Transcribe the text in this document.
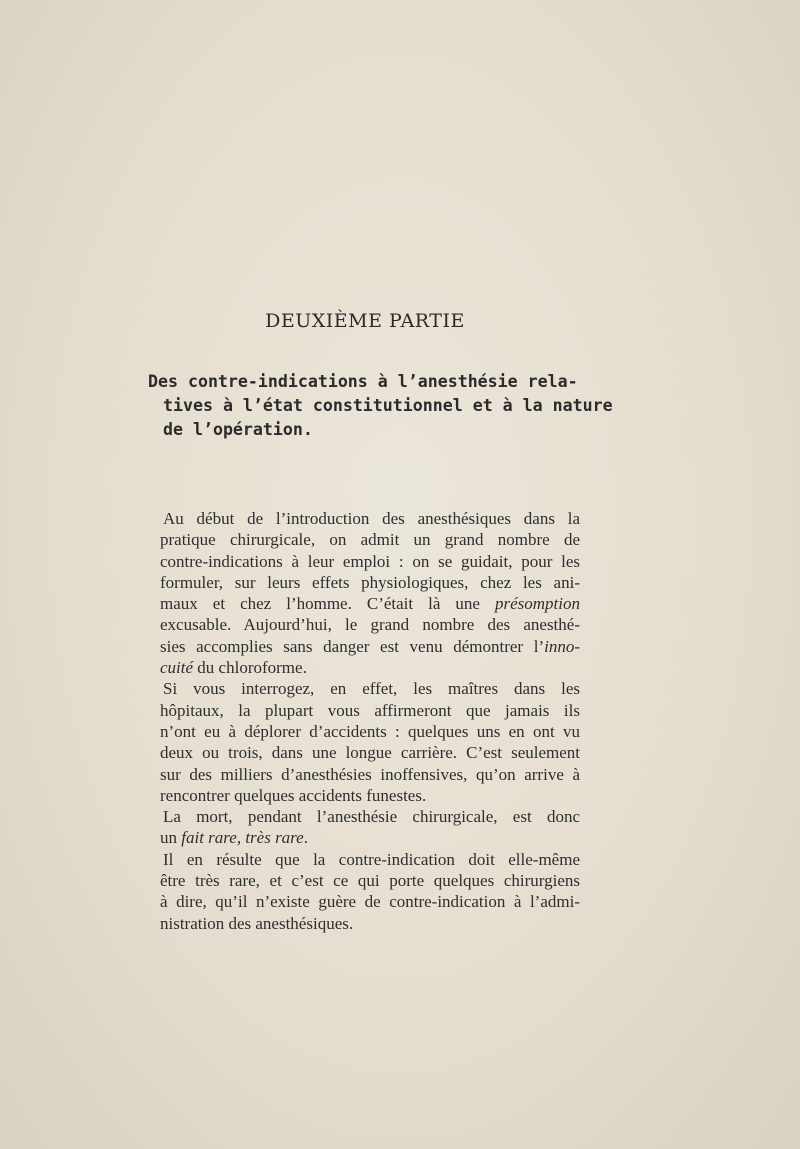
DEUXIÈME PARTIE
Des contre-indications à l’anesthésie rela-
tives à l’état constitutionnel et à la nature
de l’opération.
Au début de l’introduction des anesthésiques dans la
pratique chirurgicale, on admit un grand nombre de
contre-indications à leur emploi : on se guidait, pour les
formuler, sur leurs effets physiologiques, chez les ani-
maux et chez l’homme. C’était là une présomption
excusable. Aujourd’hui, le grand nombre des anesthé-
sies accomplies sans danger est venu démontrer l’inno-
cuité du chloroforme.
Si vous interrogez, en effet, les maîtres dans les
hôpitaux, la plupart vous affirmeront que jamais ils
n’ont eu à déplorer d’accidents : quelques uns en ont vu
deux ou trois, dans une longue carrière. C’est seulement
sur des milliers d’anesthésies inoffensives, qu’on arrive à
rencontrer quelques accidents funestes.
La mort, pendant l’anesthésie chirurgicale, est donc
un fait rare, très rare.
Il en résulte que la contre-indication doit elle-même
être très rare, et c’est ce qui porte quelques chirurgiens
à dire, qu’il n’existe guère de contre-indication à l’admi-
nistration des anesthésiques.
